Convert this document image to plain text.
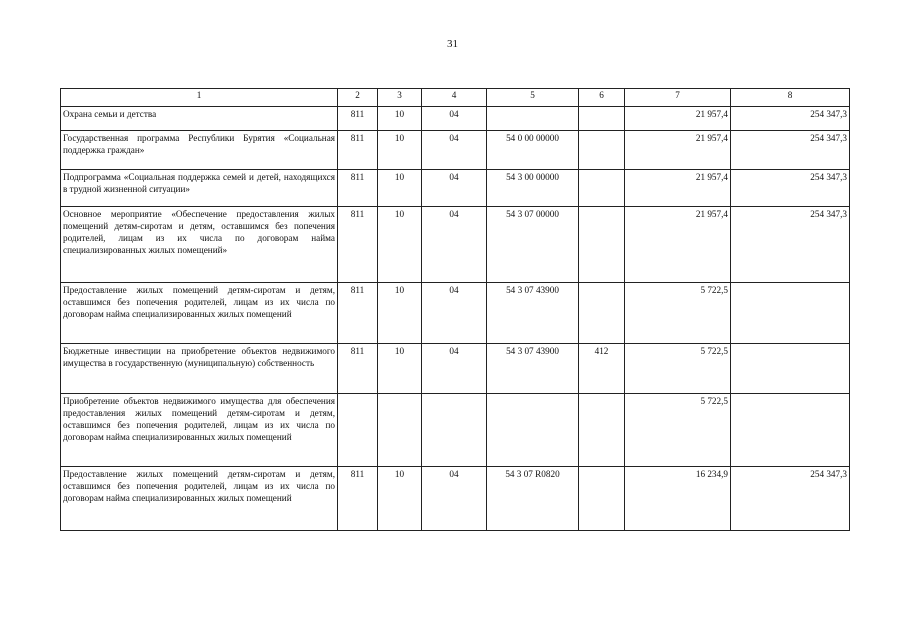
31
1	2	3	4	5	6	7	8
Охрана семьи и детства	811	10	04			21 957,4	254 347,3
Государственная программа Республики Бурятия «Социальная поддержка граждан»	811	10	04	54 0 00 00000		21 957,4	254 347,3
Подпрограмма «Социальная поддержка семей и детей, находящихся в трудной жизненной ситуации»	811	10	04	54 3 00 00000		21 957,4	254 347,3
Основное мероприятие «Обеспечение предоставления жилых помещений детям-сиротам и детям, оставшимся без попечения родителей, лицам из их числа по договорам найма специализированных жилых помещений»	811	10	04	54 3 07 00000		21 957,4	254 347,3
Предоставление жилых помещений детям-сиротам и детям, оставшимся без попечения родителей, лицам из их числа по договорам найма специализированных жилых помещений	811	10	04	54 3 07 43900		5 722,5	
Бюджетные инвестиции на приобретение объектов недвижимого имущества в государственную (муниципальную) собственность	811	10	04	54 3 07 43900	412	5 722,5	
Приобретение объектов недвижимого имущества для обеспечения предоставления жилых помещений детям-сиротам и детям, оставшимся без попечения родителей, лицам из их числа по договорам найма специализированных жилых помещений						5 722,5	
Предоставление жилых помещений детям-сиротам и детям, оставшимся без попечения родителей, лицам из их числа по договорам найма специализированных жилых помещений	811	10	04	54 3 07 R0820		16 234,9	254 347,3
